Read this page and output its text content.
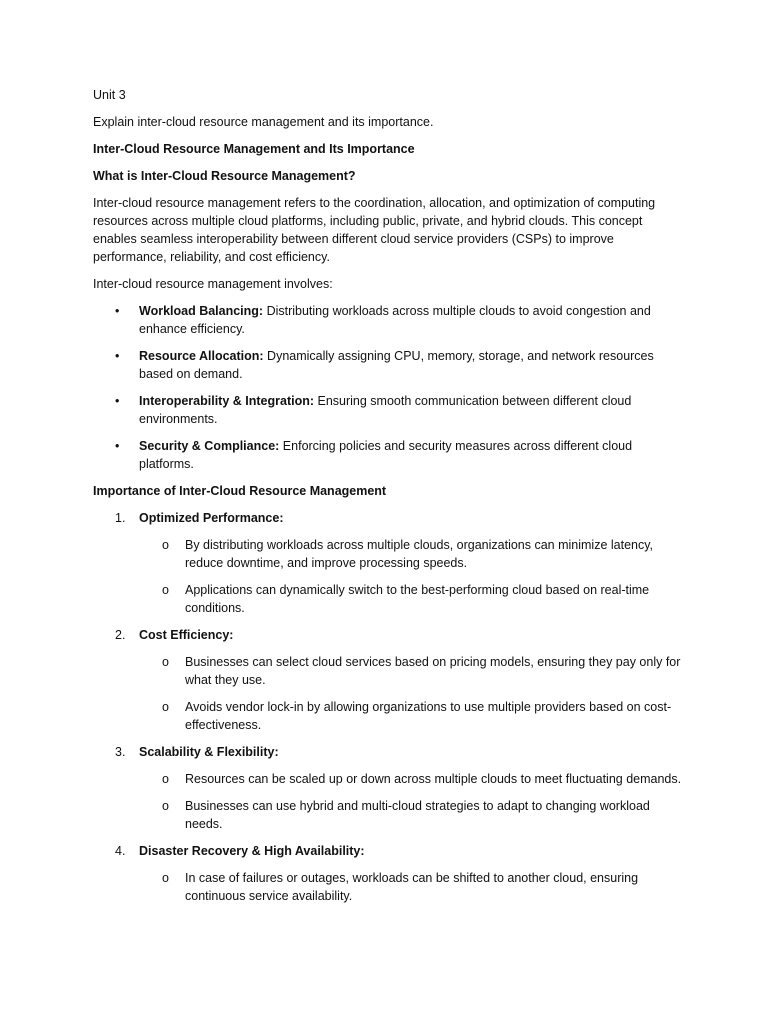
Unit 3

Explain inter-cloud resource management and its importance.

Inter-Cloud Resource Management and Its Importance

What is Inter-Cloud Resource Management?

Inter-cloud resource management refers to the coordination, allocation, and optimization of computing resources across multiple cloud platforms, including public, private, and hybrid clouds. This concept enables seamless interoperability between different cloud service providers (CSPs) to improve performance, reliability, and cost efficiency.

Inter-cloud resource management involves:

• Workload Balancing: Distributing workloads across multiple clouds to avoid congestion and enhance efficiency.
• Resource Allocation: Dynamically assigning CPU, memory, storage, and network resources based on demand.
• Interoperability & Integration: Ensuring smooth communication between different cloud environments.
• Security & Compliance: Enforcing policies and security measures across different cloud platforms.

Importance of Inter-Cloud Resource Management

1. Optimized Performance:
o By distributing workloads across multiple clouds, organizations can minimize latency, reduce downtime, and improve processing speeds.
o Applications can dynamically switch to the best-performing cloud based on real-time conditions.
2. Cost Efficiency:
o Businesses can select cloud services based on pricing models, ensuring they pay only for what they use.
o Avoids vendor lock-in by allowing organizations to use multiple providers based on cost-effectiveness.
3. Scalability & Flexibility:
o Resources can be scaled up or down across multiple clouds to meet fluctuating demands.
o Businesses can use hybrid and multi-cloud strategies to adapt to changing workload needs.
4. Disaster Recovery & High Availability:
o In case of failures or outages, workloads can be shifted to another cloud, ensuring continuous service availability.
